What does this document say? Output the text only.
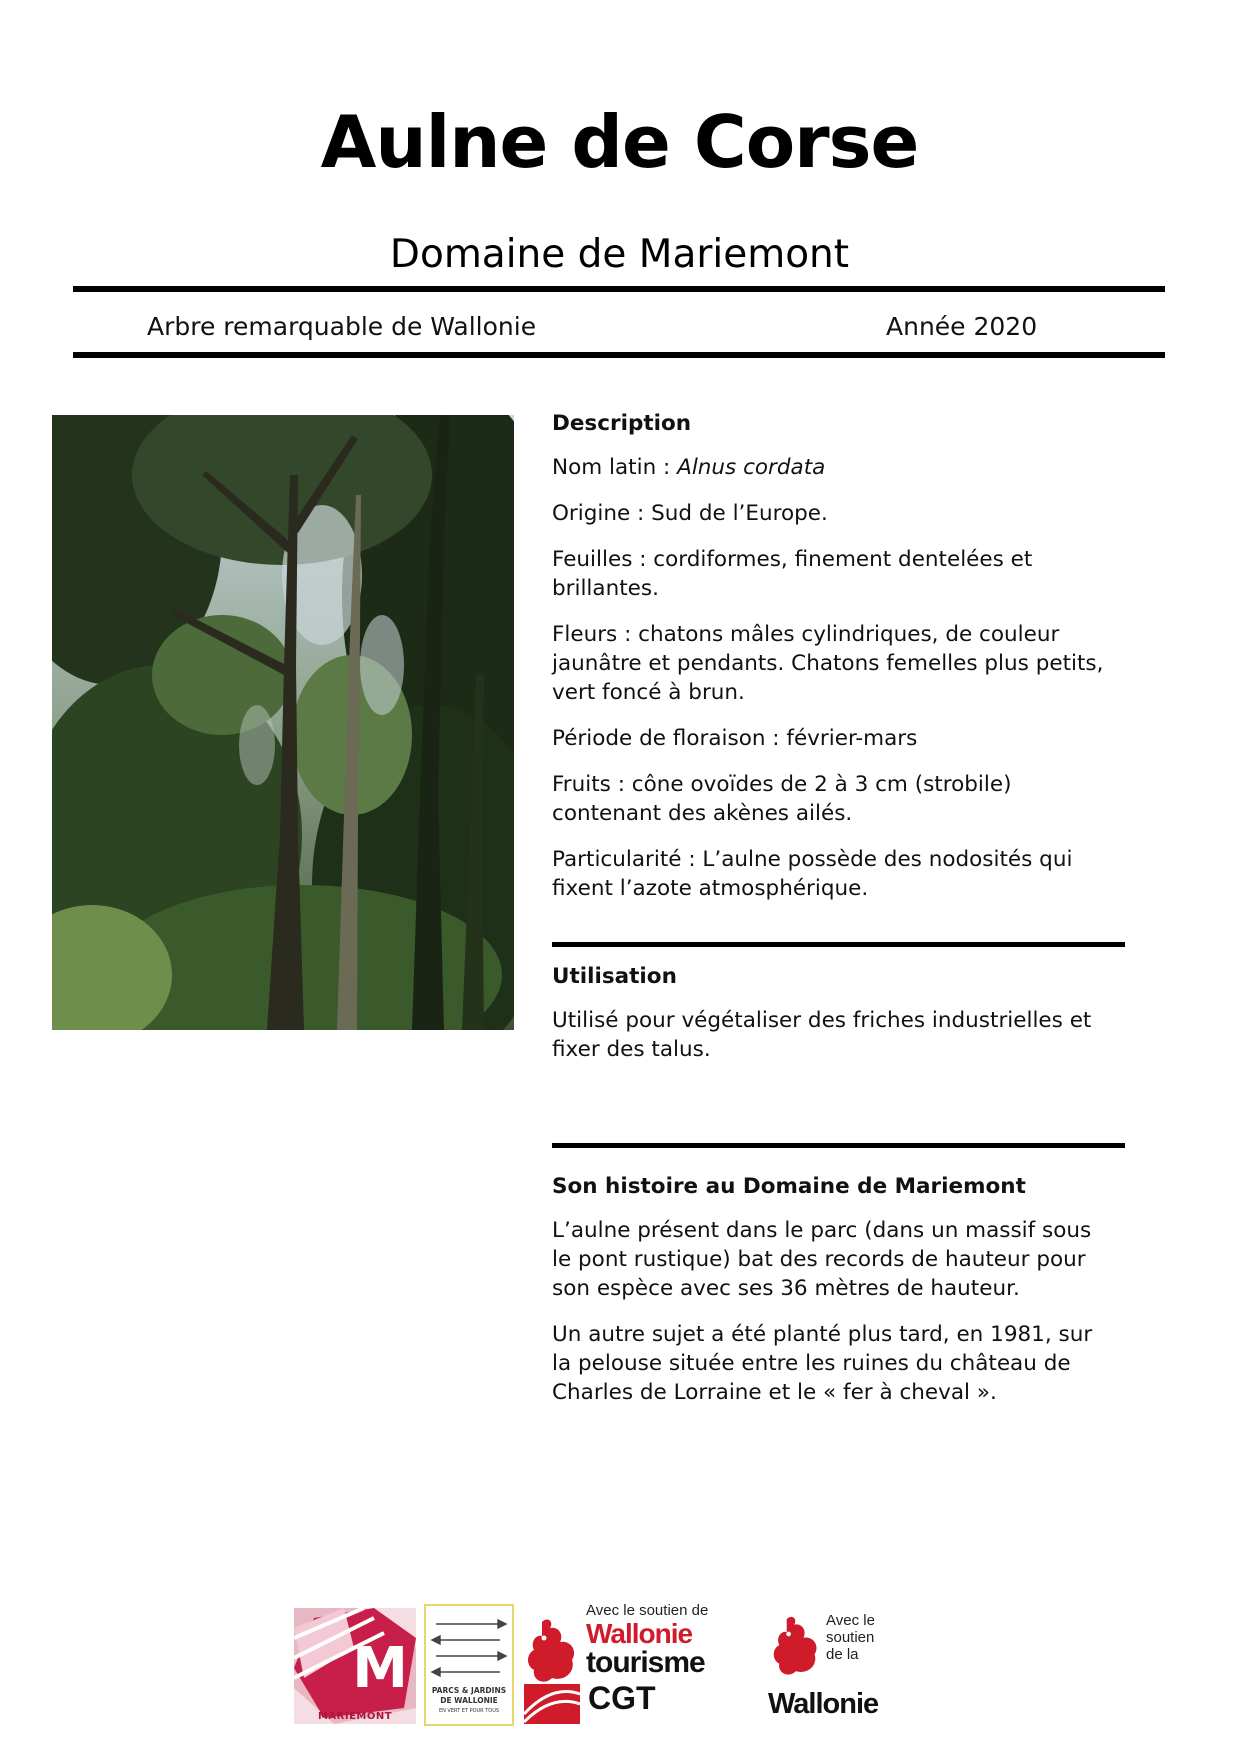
Aulne de Corse
Domaine de Mariemont
Arbre remarquable de Wallonie	Année 2020
Description

Nom latin : Alnus cordata

Origine : Sud de l’Europe.

Feuilles : cordiformes, finement dentelées et brillantes.

Fleurs : chatons mâles cylindriques, de couleur jaunâtre et pendants. Chatons femelles plus petits, vert foncé à brun.

Période de floraison : février-mars

Fruits : cône ovoïdes de 2 à 3 cm (strobile) contenant des akènes ailés.

Particularité : L’aulne possède des nodosités qui fixent l’azote atmosphérique.

Utilisation

Utilisé pour végétaliser des friches industrielles et fixer des talus.

Son histoire au Domaine de Mariemont

L’aulne présent dans le parc (dans un massif sous le pont rustique) bat des records de hauteur pour son espèce avec ses 36 mètres de hauteur.

Un autre sujet a été planté plus tard, en 1981, sur la pelouse située entre les ruines du château de Charles de Lorraine et le « fer à cheval ».

M
MARIEMONT
PARCS & JARDINS
DE WALLONIE
EN VERT ET POUR TOUS
Avec le soutien de
Wallonie
tourisme
CGT
Avec le
soutien
de la
Wallonie
